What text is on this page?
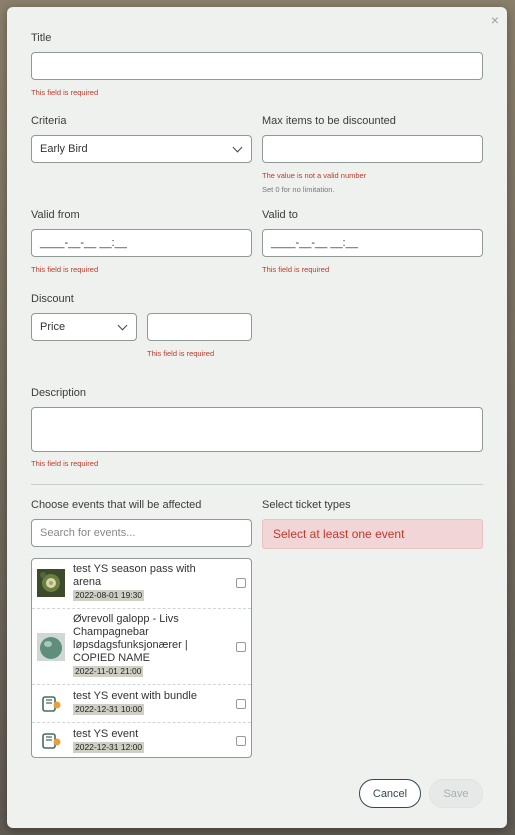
×
Title
This field is required
Criteria
Early Bird
Max items to be discounted
The value is not a valid number
Set 0 for no limitation.
Valid from
____-__-__ __:__
This field is required
Valid to
____-__-__ __:__
This field is required
Discount
Price
This field is required
Description
This field is required
Choose events that will be affected
Search for events...
Select ticket types
Select at least one event
test YS season pass with arena
2022-08-01 19:30
Øvrevoll galopp - Livs Champagnebar løpsdagsfunksjonærer | COPIED NAME
2022-11-01 21:00
test YS event with bundle
2022-12-31 10:00
test YS event
2022-12-31 12:00
Cancel	Save
